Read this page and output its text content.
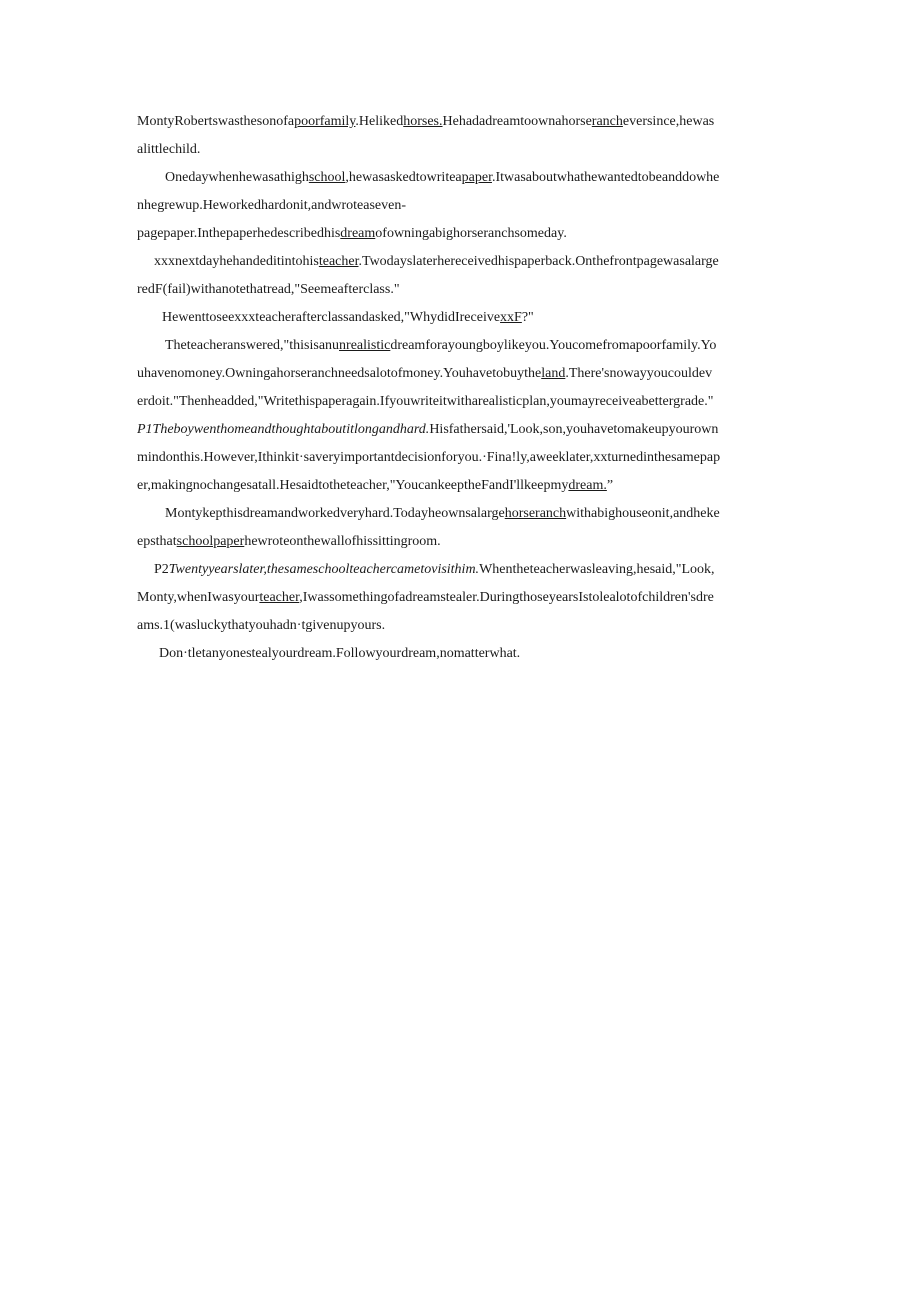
MontyRobertswasthesonofapoorfamily.Helikedhorses.Hehadadreamtoownahorserancheversince,hewas
alittlechild.
Onedaywhenhewasathighschool,hewasaskedtowriteapaper.Itwasaboutwhathewantedtobeanddowhe
nhegrewup.Heworkedhardonit,andwroteaseven-
pagepaper.Inthepaperhedescribedhisdreamofowningabighorseranchsomeday.
xxxnextdayhehandeditintohisteacher.Twodayslaterhereceivedhispaperback.Onthefrontpagewasalarge
redF(fail)withanotethatread,"Seemeafterclass."
Hewenttoseexxxteacherafterclassandasked,"WhydidIreceivexxF?"
Theteacheranswered,"thisisanunrealisticdreamforayoungboylikeyou.Youcomefromapoorfamily.Yo
uhavenomoney.Owningahorseranchneedsalotofmoney.Youhavetobuytheland.There'snowayyoucouldev
erdoit."Thenheadded,"Writethispaperagain.Ifyouwriteitwitharealisticplan,youmayreceiveabettergrade."
P1Theboywenthomeandthoughtaboutitlongandhard.Hisfathersaid,'Look,son,youhavetomakeupyourown
mindonthis.However,Ithinkit·saveryimportantdecisionforyou.·Fina!ly,aweeklater,xxturnedinthesamepap
er,makingnochangesatall.Hesaidtotheteacher,"YoucankeeptheFandI'llkeepmydream.”
Montykepthisdreamandworkedveryhard.Todayheownsalargehorseranchwithabighouseonit,andheke
epsthatschoolpaperhewroteonthewallofhissittingroom.
P2Twentyyearslater,thesameschoolteachercametovisithim.Whentheteacherwasleaving,hesaid,"Look,
Monty,whenIwasyourteacher,Iwassomethingofadreamstealer.DuringthoseyearsIstolealotofchildren'sdre
ams.1(wasluckythatyouhadn·tgivenupyours.
Don·tletanyonestealyourdream.Followyourdream,nomatterwhat.
